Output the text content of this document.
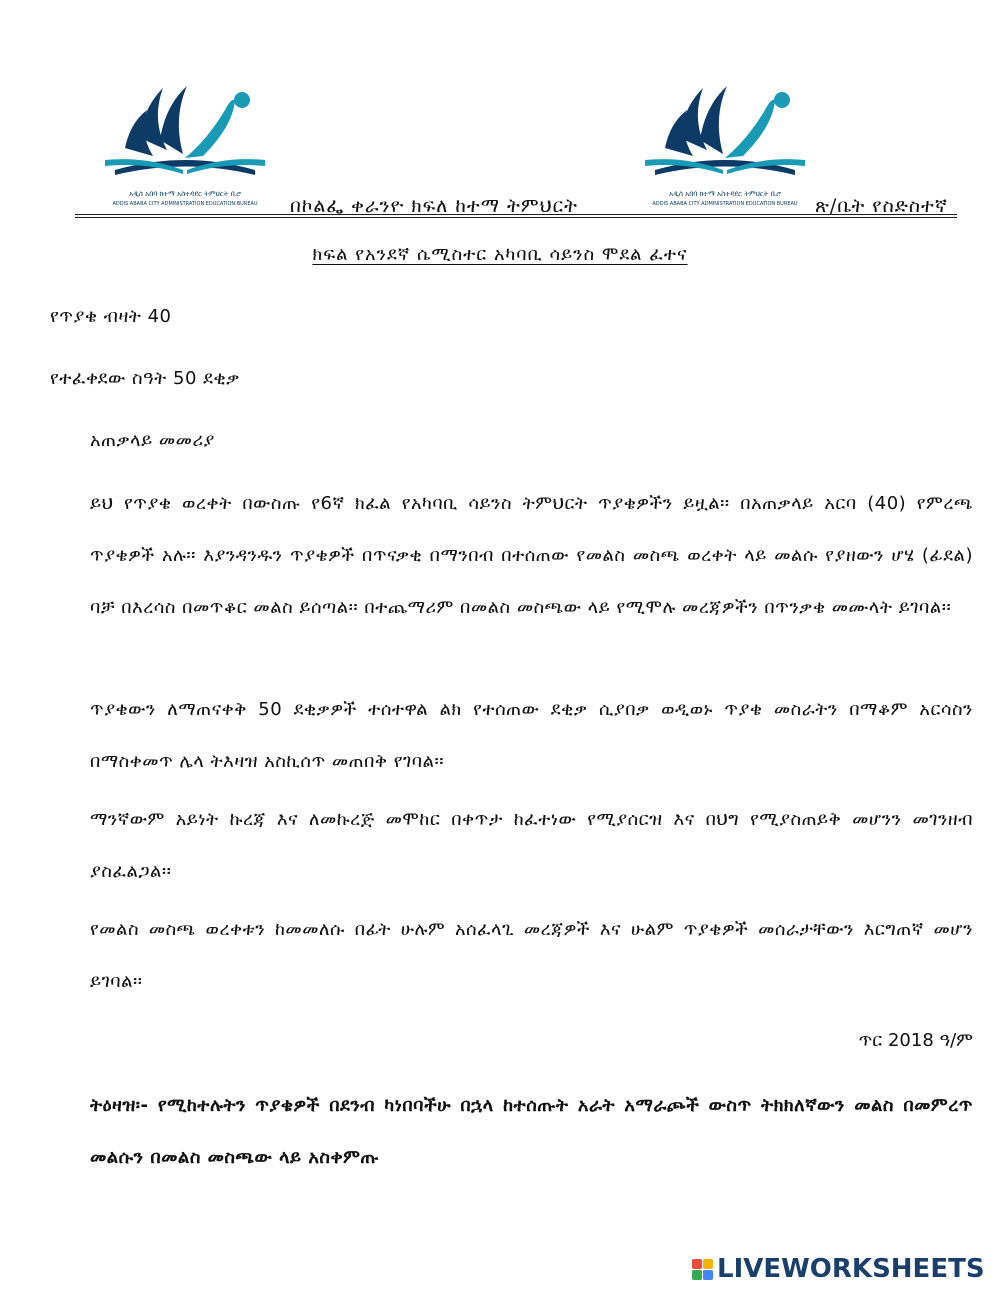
አዲስ አበባ ከተማ አስተዳደር ትምህርት ቢሮ
ADDIS ABABA CITY ADMINISTRATION EDUCATION BUREAU
አዲስ አበባ ከተማ አስተዳደር ትምህርት ቢሮ
ADDIS ABABA CITY ADMINISTRATION EDUCATION BUREAU
በኮልፌ ቀራንዮ ክፍለ ከተማ ትምህርት	ጽ/ቤት የስድስተኛ
ክፍል የአንደኛ ሴሚስተር አካባቢ ሳይንስ ሞደል ፈተና
የጥያቄ ብዛት 40
የተፈቀደው ስዓት 50 ደቂቃ
አጠቃላይ መመሪያ
ይህ የጥያቄ ወረቀት በውስጡ የ6ኛ ክፈል የአካባቢ ሳይንስ ትምህርት ጥያቄዎችን ይዟል፡፡ በአጠቃላይ አርባ (40) የምረጫ ጥያቄዎች አሉ፡፡ እያንዳንዱን ጥያቄዎች በጥናቃቂ በማንበብ በተሰጠው የመልስ መስጫ ወረቀት ላይ መልሱ የያዘውን ሆሄ (ፊደል) ባቻ በእረሳስ በመጥቆር መልስ ይሰጣል፡፡ በተጨማሪም በመልስ መስጫው ላይ የሚሞሉ መረጃዎችን በጥንቃቄ መሙላት ይገባል፡፡
ጥያቄውን ለማጠናቀቅ 50 ደቂቃዎች ተሰተዋል ልክ የተሰጠው ደቂቃ ሲያበቃ ወዲወኑ ጥያቄ መስራትን በማቆም አርሳስን በማስቀመጥ ሌላ ትእዛዝ አስኪሰጥ መጠበቅ የገባል፡፡
ማንኛውም አይነት ኩረጃ እና ለመኩረጅ መሞከር በቀጥታ ከፈተነው የሚያሰርዝ እና በህግ የሚያስጠይቅ መሆንን መገንዘብ ያስፈልጋል፡፡
የመልስ መስጫ ወረቀቱን ከመመለሱ በፊት ሁሉም አሰፈላጊ መረጃዎች እና ሁልም ጥያቄዎች መሰራታቸውን እርግጠኛ መሆን ይገባል፡፡
ጥር 2018 ዓ/ም
ትዕዛዝ፡- የሚከተሉትን ጥያቄዎች በደንብ ካነበባችሁ በኋላ ከተሰጡት አራት አማራጮች ውስጥ ትክክለኛውን መልስ በመምረጥ መልሱን በመልስ መስጫው ላይ አስቀምጡ
LIVEWORKSHEETS
